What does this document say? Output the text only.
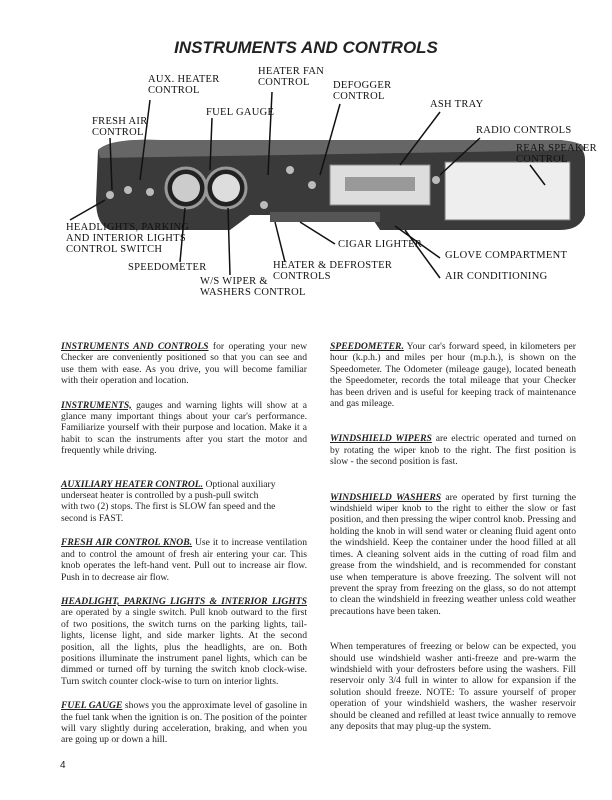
INSTRUMENTS AND CONTROLS
AUX. HEATER
CONTROL
HEATER FAN
CONTROL	DEFOGGER
CONTROL
ASH TRAY
FUEL GAUGE
RADIO CONTROLS
FRESH AIR
CONTROL
REAR SPEAKER
CONTROL
HEADLIGHTS, PARKING
AND INTERIOR LIGHTS
CONTROL SWITCH
SPEEDOMETER
W/S WIPER &
WASHERS CONTROL
CIGAR LIGHTER
HEATER & DEFROSTER
CONTROLS
GLOVE COMPARTMENT
AIR CONDITIONING

INSTRUMENTS AND CONTROLS for operating your new Checker are conveniently positioned so that you can see and use them with ease. As you drive, you will become familiar with their operation and location.

INSTRUMENTS, gauges and warning lights will show at a glance many important things about your car's performance. Familiarize yourself with their purpose and location. Make it a habit to scan the instruments after you start the motor and frequently while driving.

AUXILIARY HEATER CONTROL. Optional auxiliary underseat heater is controlled by a push-pull switch with two (2) stops. The first is SLOW fan speed and the second is FAST.

FRESH AIR CONTROL KNOB. Use it to increase ventilation and to control the amount of fresh air entering your car. This knob operates the left-hand vent. Pull out to increase air flow. Push in to decrease air flow.

HEADLIGHT, PARKING LIGHTS & INTERIOR LIGHTS are operated by a single switch. Pull knob outward to the first of two positions, the switch turns on the parking lights, tail-lights, license light, and side marker lights. At the second position, all the lights, plus the headlights, are on. Both positions illuminate the instrument panel lights, which can be dimmed or turned off by turning the switch knob clock-wise. Turn switch counter clock-wise to turn on interior lights.

FUEL GAUGE shows you the approximate level of gasoline in the fuel tank when the ignition is on. The position of the pointer will vary slightly during acceleration, braking, and when you are going up or down a hill.

SPEEDOMETER. Your car's forward speed, in kilometers per hour (k.p.h.) and miles per hour (m.p.h.), is shown on the Speedometer. The Odometer (mileage gauge), located beneath the Speedometer, records the total mileage that your Checker has been driven and is useful for keeping track of maintenance and gas mileage.

WINDSHIELD WIPERS are electric operated and turned on by rotating the wiper knob to the right. The first position is slow - the second position is fast.

WINDSHIELD WASHERS are operated by first turning the windshield wiper knob to the right to either the slow or fast position, and then pressing the wiper control knob. Pressing and holding the knob in will send water or cleaning fluid agent onto the windshield. Keep the container under the hood filled at all times. A cleaning solvent aids in the cutting of road film and grease from the windshield, and is recommended for constant use when temperature is above freezing. The solvent will not prevent the spray from freezing on the glass, so do not attempt to clean the windshield in freezing weather unless cold weather precautions have been taken.

When temperatures of freezing or below can be expected, you should use windshield washer anti-freeze and pre-warm the windshield with your defrosters before using the washers. Fill reservoir only 3/4 full in winter to allow for expansion if the solution should freeze. NOTE: To assure yourself of proper operation of your windshield washers, the washer reservoir should be cleaned and refilled at least twice annually to remove any deposits that may plug-up the system.

4
